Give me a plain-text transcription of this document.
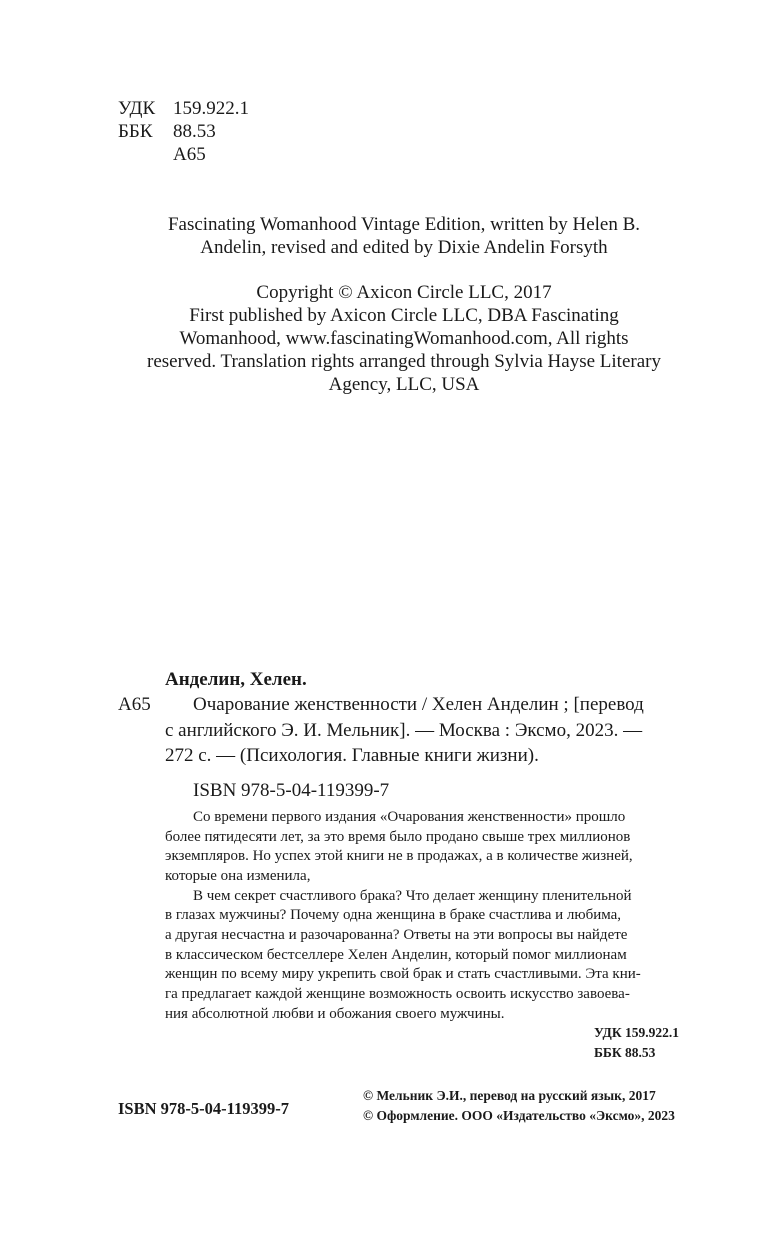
УДК 159.922.1
ББК 88.53
А65
Fascinating Womanhood Vintage Edition, written by Helen B.
Andelin, revised and edited by Dixie Andelin Forsyth
Copyright © Axicon Circle LLC, 2017
First published by Axicon Circle LLC, DBA Fascinating
Womanhood, www.fascinatingWomanhood.com, All rights
reserved. Translation rights arranged through Sylvia Hayse Literary
Agency, LLC, USA
Анделин, Хелен.
А65 Очарование женственности / Хелен Анделин ; [перевод
с английского Э. И. Мельник]. — Москва : Эксмо, 2023. —
272 с. — (Психология. Главные книги жизни).
ISBN 978-5-04-119399-7
Со времени первого издания «Очарования женственности» прошло
более пятидесяти лет, за это время было продано свыше трех миллионов
экземпляров. Но успех этой книги не в продажах, а в количестве жизней,
которые она изменила,
В чем секрет счастливого брака? Что делает женщину пленительной
в глазах мужчины? Почему одна женщина в браке счастлива и любима,
а другая несчастна и разочарованна? Ответы на эти вопросы вы найдете
в классическом бестселлере Хелен Анделин, который помог миллионам
женщин по всему миру укрепить свой брак и стать счастливыми. Эта кни-
га предлагает каждой женщине возможность освоить искусство завоева-
ния абсолютной любви и обожания своего мужчины.
УДК 159.922.1
ББК 88.53
ISBN 978-5-04-119399-7
© Мельник Э.И., перевод на русский язык, 2017
© Оформление. ООО «Издательство «Эксмо», 2023
